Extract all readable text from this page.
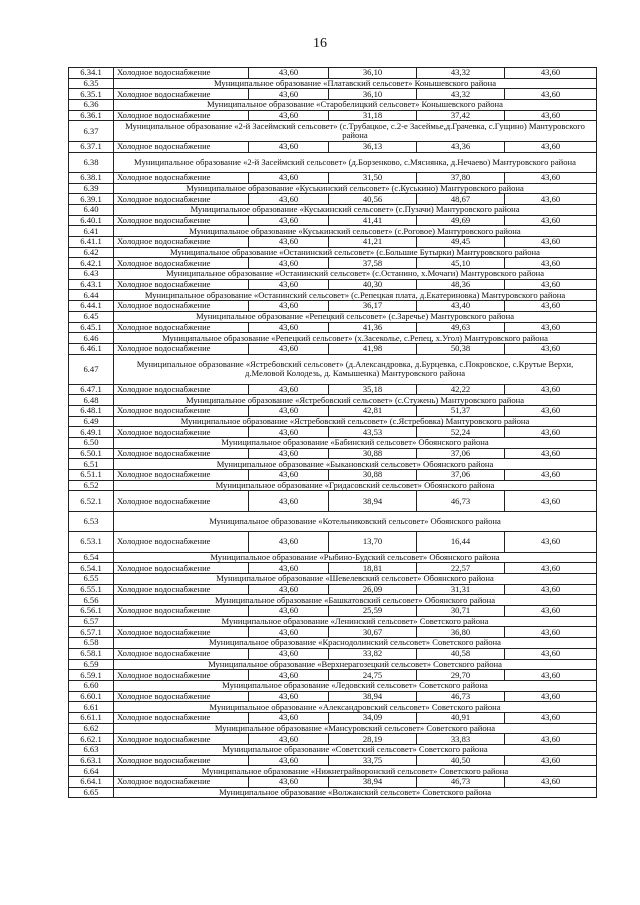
16
6.34.1	Холодное водоснабжение	43,60	36,10	43,32	43,60
6.35	Муниципальное образование «Платавский сельсовет» Конышевского района				
6.35.1	Холодное водоснабжение	43,60	36,10	43,32	43,60
6.36	Муниципальное образование «Старобелицкий сельсовет» Конышевского района				
6.36.1	Холодное водоснабжение	43,60	31,18	37,42	43,60
6.37	Муниципальное образование «2-й Засеймский сельсовет» (с.Трубацкое, с.2-е Засеймье,д.Грачевка, с.Гущино) Мантуровского района				
6.37.1	Холодное водоснабжение	43,60	36,13	43,36	43,60
6.38	Муниципальное образование «2-й Засеймский сельсовет» (д.Борзенково, с.Мяснянка, д.Нечаево) Мантуровского района				
6.38.1	Холодное водоснабжение	43,60	31,50	37,80	43,60
6.39	Муниципальное образование «Куськинский сельсовет» (с.Куськино) Мантуровского района				
6.39.1	Холодное водоснабжение	43,60	40,56	48,67	43,60
6.40	Муниципальное образование «Куськинский сельсовет» (с.Пузачи) Мантуровского района				
6.40.1	Холодное водоснабжение	43,60	41,41	49,69	43,60
6.41	Муниципальное образование «Куськинский сельсовет» (с.Роговое) Мантуровского района				
6.41.1	Холодное водоснабжение	43,60	41,21	49,45	43,60
6.42	Муниципальное образование «Останинский сельсовет» (с.Большие Бутырки) Мантуровского района				
6.42.1	Холодное водоснабжение	43,60	37,58	45,10	43,60
6.43	Муниципальное образование «Останинский сельсовет» (с.Останино, х.Мочаги) Мантуровского района				
6.43.1	Холодное водоснабжение	43,60	40,30	48,36	43,60
6.44	Муниципальное образование «Останинский сельсовет» (с.Репецкая плата, д.Екатериновка) Мантуровского района				
6.44.1	Холодное водоснабжение	43,60	36,17	43,40	43,60
6.45	Муниципальное образование «Репецкий сельсовет» (с.Заречье) Мантуровского района				
6.45.1	Холодное водоснабжение	43,60	41,36	49,63	43,60
6.46	Муниципальное образование «Репецкий сельсовет» (х.Засеколье, с.Репец, х.Угол) Мантуровского района				
6.46.1	Холодное водоснабжение	43,60	41,98	50,38	43,60
6.47	Муниципальное образование «Ястребовский сельсовет» (д.Александровка, д.Бурцевка, с.Покровское, с.Крутые Верхи, д.Меловой Колодезь, д. Камышенка) Мантуровского района				
6.47.1	Холодное водоснабжение	43,60	35,18	42,22	43,60
6.48	Муниципальное образование «Ястребовский сельсовет» (с.Стужень) Мантуровского района				
6.48.1	Холодное водоснабжение	43,60	42,81	51,37	43,60
6.49	Муниципальное образование «Ястребовский сельсовет» (с.Ястребовка) Мантуровского района				
6.49.1	Холодное водоснабжение	43,60	43,53	52,24	43,60
6.50	Муниципальное образование «Бабинский сельсовет» Обоянского района				
6.50.1	Холодное водоснабжение	43,60	30,88	37,06	43,60
6.51	Муниципальное образование «Быкановский сельсовет» Обоянского района				
6.51.1	Холодное водоснабжение	43,60	30,88	37,06	43,60
6.52	Муниципальное образование «Гридасовский сельсовет» Обоянского района				
6.52.1	Холодное водоснабжение	43,60	38,94	46,73	43,60
6.53	Муниципальное образование «Котельниковский сельсовет» Обоянского района				
6.53.1	Холодное водоснабжение	43,60	13,70	16,44	43,60
6.54	Муниципальное образование «Рыбино-Будский сельсовет» Обоянского района				
6.54.1	Холодное водоснабжение	43,60	18,81	22,57	43,60
6.55	Муниципальное образование «Шевелевский сельсовет» Обоянского района				
6.55.1	Холодное водоснабжение	43,60	26,09	31,31	43,60
6.56	Муниципальное образование «Башкатовский сельсовет» Обоянского района				
6.56.1	Холодное водоснабжение	43,60	25,59	30,71	43,60
6.57	Муниципальное образование «Ленинский сельсовет» Советского района				
6.57.1	Холодное водоснабжение	43,60	30,67	36,80	43,60
6.58	Муниципальное образование «Краснодолинский сельсовет» Советского района				
6.58.1	Холодное водоснабжение	43,60	33,82	40,58	43,60
6.59	Муниципальное образование «Верхнерагозецкий сельсовет» Советского района				
6.59.1	Холодное водоснабжение	43,60	24,75	29,70	43,60
6.60	Муниципальное образование «Ледовский сельсовет» Советского района				
6.60.1	Холодное водоснабжение	43,60	38,94	46,73	43,60
6.61	Муниципальное образование «Александровский сельсовет» Советского района				
6.61.1	Холодное водоснабжение	43,60	34,09	40,91	43,60
6.62	Муниципальное образование «Мансуровский сельсовет» Советского района				
6.62.1	Холодное водоснабжение	43,60	28,19	33,83	43,60
6.63	Муниципальное образование «Советский сельсовет» Советского района				
6.63.1	Холодное водоснабжение	43,60	33,75	40,50	43,60
6.64	Муниципальное образование «Нижнеграйворонский сельсовет» Советского района				
6.64.1	Холодное водоснабжение	43,60	38,94	46,73	43,60
6.65	Муниципальное образование «Волжанский сельсовет» Советского района				
